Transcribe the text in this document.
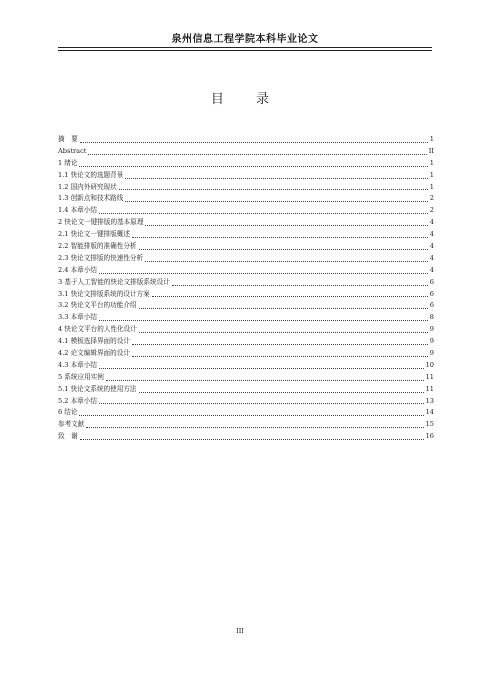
泉州信息工程学院本科毕业论文
目 录
摘　要	1
Abstract	II
1 绪论	1
1.1 快论文的选题背景	1
1.2 国内外研究现状	1
1.3 创新点和技术路线	2
1.4 本章小结	2
2 快论文一键排版的基本原理	4
2.1 快论文一键排版概述	4
2.2 智能排版的准确性分析	4
2.3 快论文排版的快速性分析	4
2.4 本章小结	4
3 基于人工智能的快论文排版系统设计	6
3.1 快论文排版系统的设计方案	6
3.2 快论文平台的功能介绍	6
3.3 本章小结	8
4 快论文平台的人性化设计	9
4.1 模板选择界面的设计	9
4.2 论文编辑界面的设计	9
4.3 本章小结	10
5 系统应用实例	11
5.1 快论文系统的使用方法	11
5.2 本章小结	13
6 结论	14
参考文献	15
致　谢	16
III
